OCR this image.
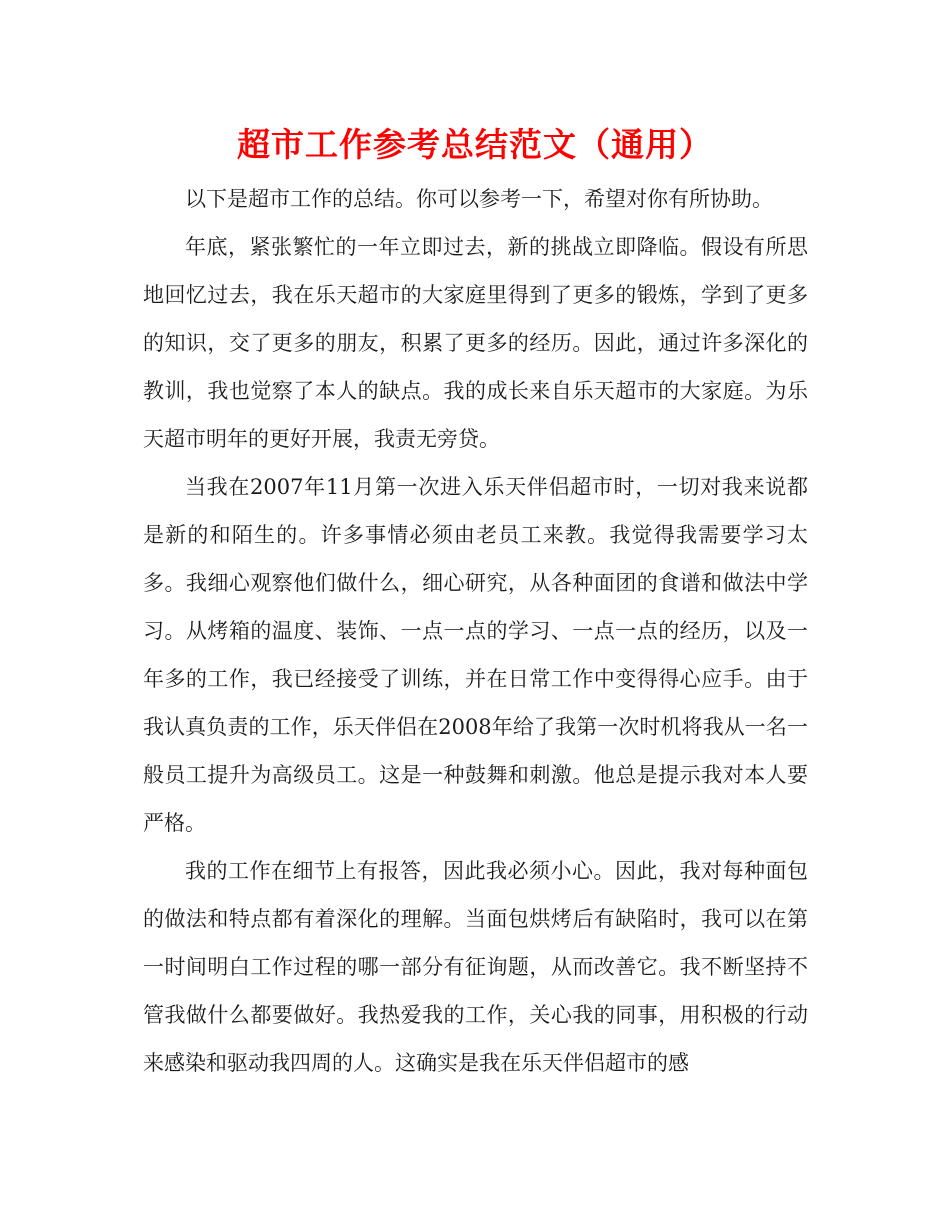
超市工作参考总结范文（通用）

以下是超市工作的总结。你可以参考一下，希望对你有所协助。

年底，紧张繁忙的一年立即过去，新的挑战立即降临。假设有所思地回忆过去，我在乐天超市的大家庭里得到了更多的锻炼，学到了更多的知识，交了更多的朋友，积累了更多的经历。因此，通过许多深化的教训，我也觉察了本人的缺点。我的成长来自乐天超市的大家庭。为乐天超市明年的更好开展，我责无旁贷。

当我在2007年11月第一次进入乐天伴侣超市时，一切对我来说都是新的和陌生的。许多事情必须由老员工来教。我觉得我需要学习太多。我细心观察他们做什么，细心研究，从各种面团的食谱和做法中学习。从烤箱的温度、装饰、一点一点的学习、一点一点的经历，以及一年多的工作，我已经接受了训练，并在日常工作中变得得心应手。由于我认真负责的工作，乐天伴侣在2008年给了我第一次时机将我从一名一般员工提升为高级员工。这是一种鼓舞和刺激。他总是提示我对本人要严格。

我的工作在细节上有报答，因此我必须小心。因此，我对每种面包的做法和特点都有着深化的理解。当面包烘烤后有缺陷时，我可以在第一时间明白工作过程的哪一部分有征询题，从而改善它。我不断坚持不管我做什么都要做好。我热爱我的工作，关心我的同事，用积极的行动来感染和驱动我四周的人。这确实是我在乐天伴侣超市的感
